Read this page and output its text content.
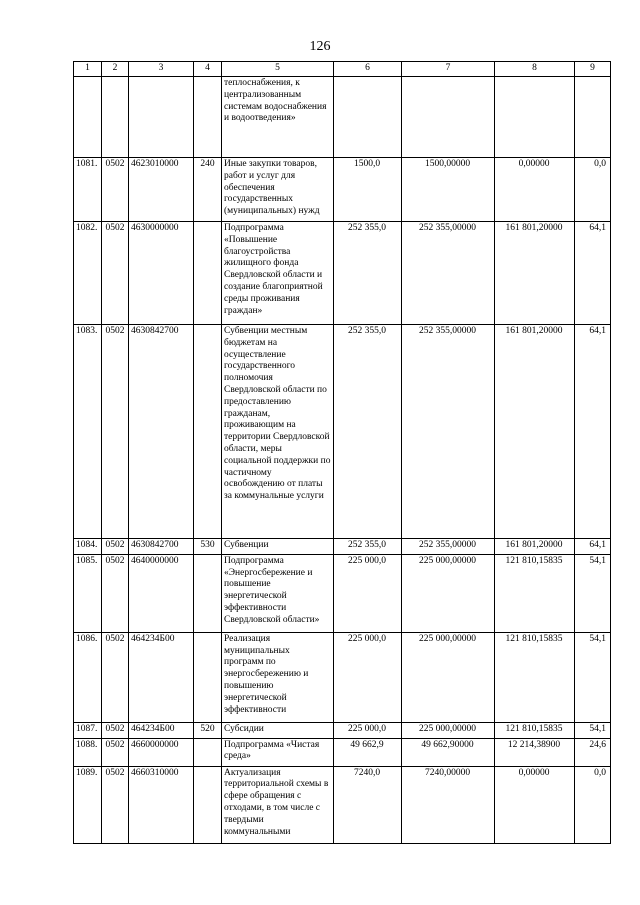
126
1	2	3	4	5	6	7	8	9
				теплоснабжения, к централизованным системам водоснабжения и водоотведения»				
1081.	0502	4623010000	240	Иные закупки товаров, работ и услуг для обеспечения государственных (муниципальных) нужд	1500,0	1500,00000	0,00000	0,0
1082.	0502	4630000000		Подпрограмма «Повышение благоустройства жилищного фонда Свердловской области и создание благоприятной среды проживания граждан»	252 355,0	252 355,00000	161 801,20000	64,1
1083.	0502	4630842700		Субвенции местным бюджетам на осуществление государственного полномочия Свердловской области по предоставлению гражданам, проживающим на территории Свердловской области, меры социальной поддержки по частичному освобождению от платы за коммунальные услуги	252 355,0	252 355,00000	161 801,20000	64,1
1084.	0502	4630842700	530	Субвенции	252 355,0	252 355,00000	161 801,20000	64,1
1085.	0502	4640000000		Подпрограмма «Энергосбережение и повышение энергетической эффективности Свердловской области»	225 000,0	225 000,00000	121 810,15835	54,1
1086.	0502	464234Б00		Реализация муниципальных программ по энергосбережению и повышению энергетической эффективности	225 000,0	225 000,00000	121 810,15835	54,1
1087.	0502	464234Б00	520	Субсидии	225 000,0	225 000,00000	121 810,15835	54,1
1088.	0502	4660000000		Подпрограмма «Чистая среда»	49 662,9	49 662,90000	12 214,38900	24,6
1089.	0502	4660310000		Актуализация территориальной схемы в сфере обращения с отходами, в том числе с твердыми коммунальными	7240,0	7240,00000	0,00000	0,0
